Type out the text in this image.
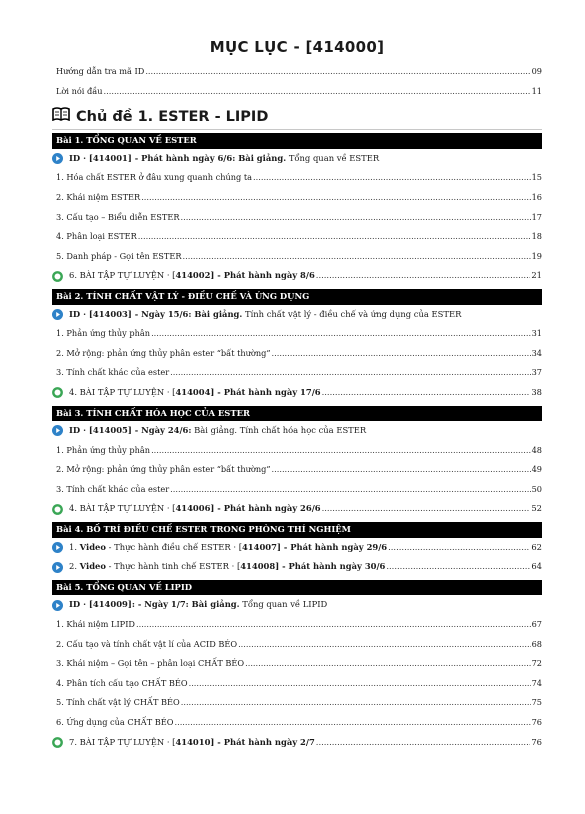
MỤC LỤC - [414000]
Hướng dẫn tra mã ID .....	09
Lời nói đầu .....	11
Chủ đề 1. ESTER - LIPID
Bài 1. TỔNG QUAN VỀ ESTER
ID · [414001] - Phát hành ngày 6/6: Bài giảng.
Tổng quan về ESTER
1. Hóa chất ESTER ở đâu xung quanh chúng ta .....	15
2. Khái niệm ESTER .....	16
3. Cấu tạo – Biểu diễn ESTER .....	17
4. Phân loại ESTER .....	18
5. Danh pháp - Gọi tên ESTER .....	19
6. BÀI TẬP TỰ LUYỆN · [414002] - Phát hành ngày 8/6 .....	21
Bài 2. TÍNH CHẤT VẬT LÝ - ĐIỀU CHẾ VÀ ỨNG DỤNG
ID · [414003] - Ngày 15/6: Bài giảng.
Tính chất vật lý - điều chế và ứng dụng của ESTER
1. Phản ứng thủy phân .....	31
2. Mở rộng: phản ứng thủy phân ester “bất thường” .....	34
3. Tính chất khác của ester .....	37
4. BÀI TẬP TỰ LUYỆN · [414004] - Phát hành ngày 17/6 .....	38
Bài 3. TÍNH CHẤT HÓA HỌC CỦA ESTER
ID · [414005] - Ngày 24/6:
Bài giảng. Tính chất hóa học của ESTER
1. Phản ứng thủy phân .....	48
2. Mở rộng: phản ứng thủy phân ester “bất thường” .....	49
3. Tính chất khác của ester .....	50
4. BÀI TẬP TỰ LUYỆN · [414006] - Phát hành ngày 26/6 .....	52
Bài 4. BỐ TRÍ ĐIỀU CHẾ ESTER TRONG PHÒNG THÍ NGHIỆM
1. Video - Thực hành điều chế ESTER · [414007] - Phát hành ngày 29/6 .....	62
2. Video - Thực hành tinh chế ESTER · [414008] - Phát hành ngày 30/6 .....	64
Bài 5. TỔNG QUAN VỀ LIPID
ID · [414009]: - Ngày 1/7: Bài giảng.
Tổng quan về LIPID
1. Khái niệm LIPID .....	67
2. Cấu tạo và tính chất vật lí của ACID BÉO .....	68
3. Khái niệm – Gọi tên – phân loại CHẤT BÉO .....	72
4. Phân tích cấu tạo CHẤT BÉO .....	74
5. Tính chất vật lý CHẤT BÉO .....	75
6. Ứng dụng của CHẤT BÉO .....	76
7. BÀI TẬP TỰ LUYỆN · [414010] - Phát hành ngày 2/7 .....	76
